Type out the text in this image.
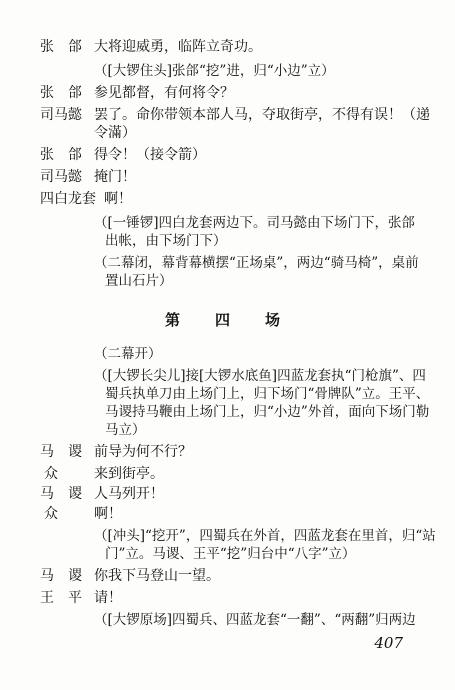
张　郃 大将迎威勇，临阵立奇功。
（[大锣住头]张郃“挖”进，归“小边”立）
张　郃 参见都督，有何将令？
司马懿 罢了。命你带领本部人马，夺取街亭，不得有误！（递
令滿）
张　郃 得令！（接令箭）
司马懿 掩门！
四白龙套 啊！
（[一锤锣]四白龙套两边下。司马懿由下场门下，张郃
出帐，由下场门下）
（二幕闭，幕背幕横摆“正场桌”，两边“骑马椅”，桌前
置山石片）
第　四　场
（二幕开）
（[大锣长尖儿]接[大锣水底鱼]四蓝龙套执“门枪旗”、四
蜀兵执单刀由上场门上，归下场门“骨牌队”立。王平、
马谡持马鞭由上场门上，归“小边”外首，面向下场门勒
马立）
马　谡 前导为何不行？
众	来到街亭。
马　谡 人马列开！
众	啊！
（[冲头]“挖开”，四蜀兵在外首，四蓝龙套在里首，归“站
门”立。马谡、王平“挖”归台中“八字”立）
马　谡 你我下马登山一望。
王　平 请！
（[大锣原场]四蜀兵、四蓝龙套“一翻”、“两翻”归两边
407
